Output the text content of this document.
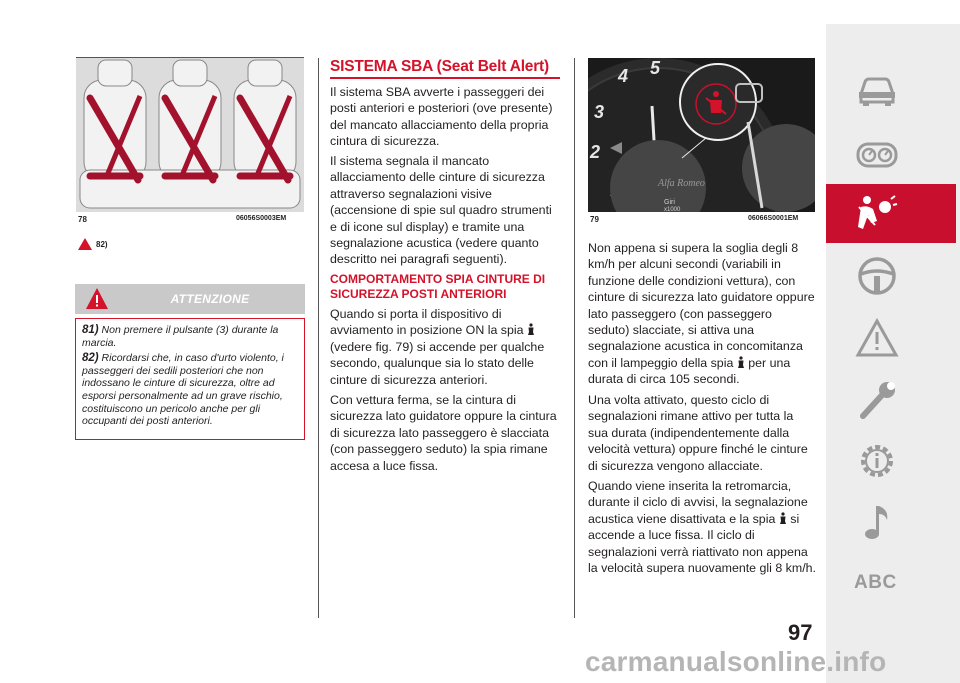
78	06056S0003EM
82)
ATTENZIONE

81) Non premere il pulsante (3) durante la marcia.

82) Ricordarsi che, in caso d'urto violento, i passeggeri dei sedili posteriori che non indossano le cinture di sicurezza, oltre ad esporsi personalmente ad un grave rischio, costituiscono un pericolo anche per gli occupanti dei posti anteriori.

SISTEMA SBA (Seat Belt Alert)

Il sistema SBA avverte i passeggeri dei posti anteriori e posteriori (ove presente) del mancato allacciamento della propria cintura di sicurezza.

Il sistema segnala il mancato allacciamento delle cinture di sicurezza attraverso segnalazioni visive (accensione di spie sul quadro strumenti e di icone sul display) e tramite una segnalazione acustica (vedere quanto descritto nei paragrafi seguenti).

COMPORTAMENTO SPIA CINTURE DI SICUREZZA POSTI ANTERIORI

Quando si porta il dispositivo di avviamento in posizione ON la spia  (vedere fig. 79) si accende per qualche secondo, qualunque sia lo stato delle cinture di sicurezza anteriori.

Con vettura ferma, se la cintura di sicurezza lato guidatore oppure la cintura di sicurezza lato passeggero è slacciata (con passeggero seduto) la spia rimane accesa a luce fissa.

4 5
3
2
Alfa Romeo
Giri
x1000
79	06066S0001EM

Non appena si supera la soglia degli 8 km/h per alcuni secondi (variabili in funzione delle condizioni vettura), con cinture di sicurezza lato guidatore oppure lato passeggero (con passeggero seduto) slacciate, si attiva una segnalazione acustica in concomitanza con il lampeggio della spia per una durata di circa 105 secondi.

Una volta attivato, questo ciclo di segnalazioni rimane attivo per tutta la sua durata (indipendentemente dalla velocità vettura) oppure finché le cinture di sicurezza vengono allacciate.

Quando viene inserita la retromarcia, durante il ciclo di avvisi, la segnalazione acustica viene disattivata e la spia si accende a luce fissa. Il ciclo di segnalazioni verrà riattivato non appena la velocità supera nuovamente gli 8 km/h.

97
ABC
carmanualsonline.info
